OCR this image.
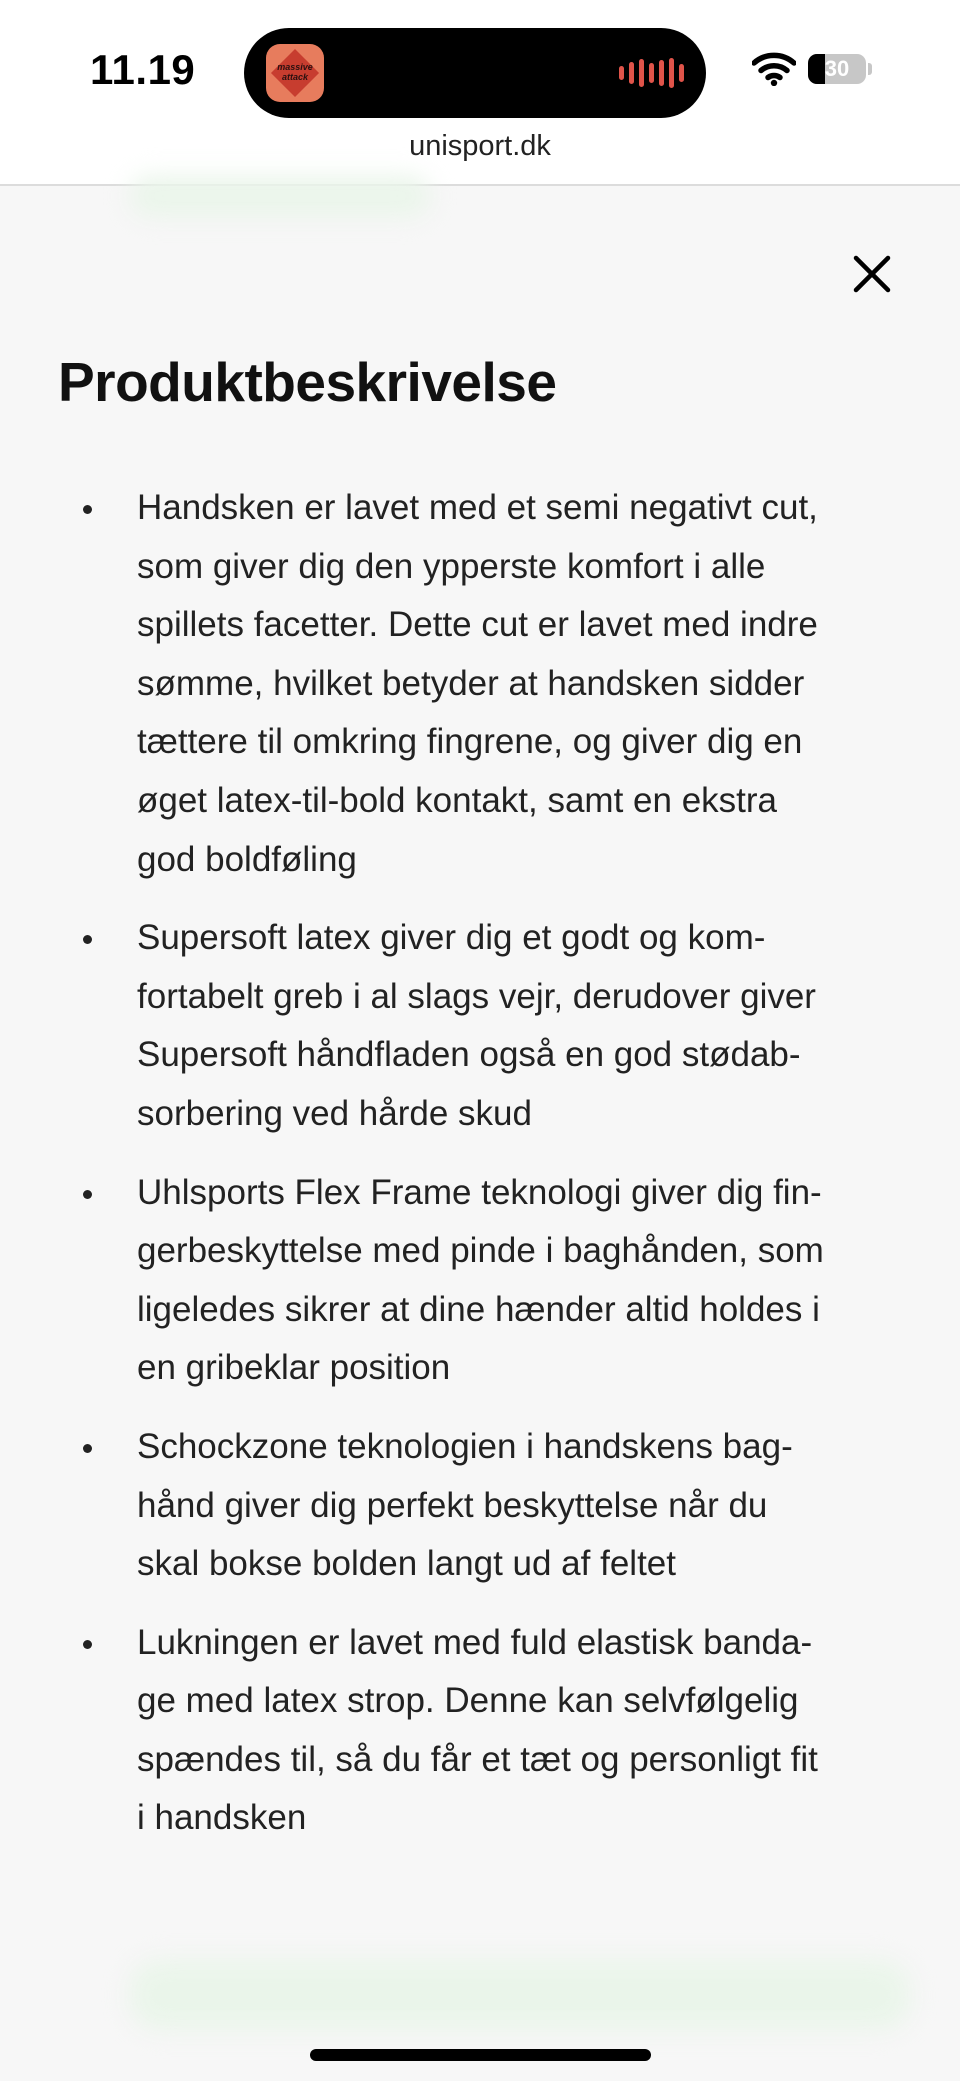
11.19	massive
attack	30
unisport.dk
Produktbeskrivelse
Handsken er lavet med et semi negativt cut,
som giver dig den ypperste komfort i alle
spillets facetter. Dette cut er lavet med indre
sømme, hvilket betyder at handsken sidder
tættere til omkring fingrene, og giver dig en
øget latex-til-bold kontakt, samt en ekstra
god boldføling
Supersoft latex giver dig et godt og kom-
fortabelt greb i al slags vejr, derudover giver
Supersoft håndfladen også en god stødab-
sorbering ved hårde skud
Uhlsports Flex Frame teknologi giver dig fin-
gerbeskyttelse med pinde i baghånden, som
ligeledes sikrer at dine hænder altid holdes i
en gribeklar position
Schockzone teknologien i handskens bag-
hånd giver dig perfekt beskyttelse når du
skal bokse bolden langt ud af feltet
Lukningen er lavet med fuld elastisk banda-
ge med latex strop. Denne kan selvfølgelig
spændes til, så du får et tæt og personligt fit
i handsken
